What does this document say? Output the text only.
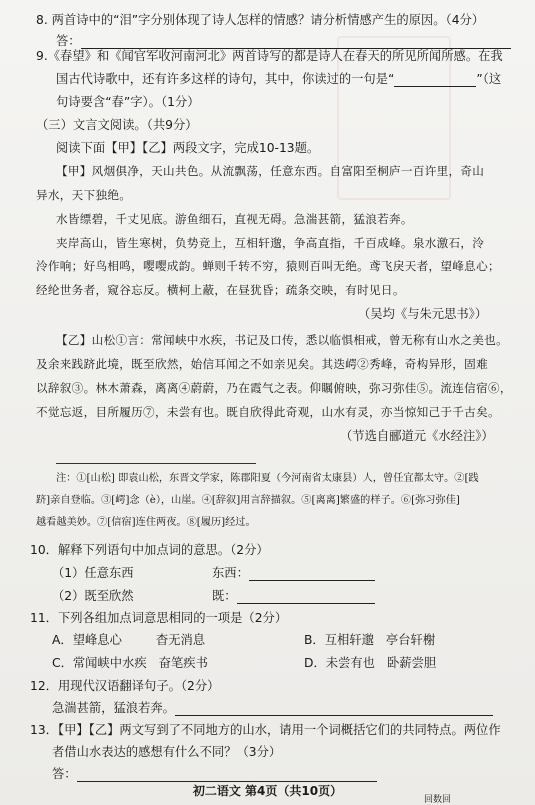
8. 两首诗中的“泪”字分别体现了诗人怎样的情感？请分析情感产生的原因。（4分）
答：
9.《春望》和《闻官军收河南河北》两首诗写的都是诗人在春天的所见所闻所感。在我
国古代诗歌中，还有许多这样的诗句，其中，你读过的一句是“	”（这
句诗要含“春”字）。（1分）
（三）文言文阅读。（共9分）
阅读下面【甲】【乙】两段文字，完成10-13题。
【甲】风烟俱净，天山共色。从流飘荡，任意东西。自富阳至桐庐一百许里，奇山
异水，天下独绝。
水皆缥碧，千丈见底。游鱼细石，直视无碍。急湍甚箭，猛浪若奔。
夹岸高山，皆生寒树，负势竞上，互相轩邈，争高直指，千百成峰。泉水激石，泠
泠作响；好鸟相鸣，嘤嘤成韵。蝉则千转不穷，猿则百叫无绝。鸢飞戾天者，望峰息心；
经纶世务者，窥谷忘反。横柯上蔽，在昼犹昏；疏条交映，有时见日。
（吴均《与朱元思书》）
【乙】山松①言：常闻峡中水疾，书记及口传，悉以临惧相戒，曾无称有山水之美也。
及余来践跻此境，既至欣然，始信耳闻之不如亲见矣。其迭崿②秀峰，奇构异形，固难
以辞叙③。林木萧森，离离④蔚蔚，乃在霞气之表。仰瞩俯映，弥习弥佳⑤。流连信宿⑥，
不觉忘返，目所履历⑦，未尝有也。既自欣得此奇观，山水有灵，亦当惊知己于千古矣。
（节选自郦道元《水经注》）
注：①[山松] 即袁山松，东晋文学家，陈郡阳夏（今河南省太康县）人，曾任宜都太守。②[践
跻]亲自登临。③[崿]念（è），山崖。④[辞叙]用言辞描叙。⑤[离离]繁盛的样子。⑥[弥习弥佳]
越看越美妙。⑦[信宿]连住两夜。⑧[履历]经过。
10．解释下列语句中加点词的意思。（2分）
（1）任意东西	东西：
（2）既至欣然	既：
11．下列各组加点词意思相同的一项是（2分）
A．望峰息心	杳无消息	B．互相轩邈 亭台轩榭
C．常闻峡中水疾 奋笔疾书	D．未尝有也 卧薪尝胆
12．用现代汉语翻译句子。（2分）
急湍甚箭，猛浪若奔。
13．【甲】【乙】两文写到了不同地方的山水，请用一个词概括它们的共同特点。两位作
者借山水表达的感想有什么不同？（3分）
答：
初二语文 第4页（共10页）
回数回
